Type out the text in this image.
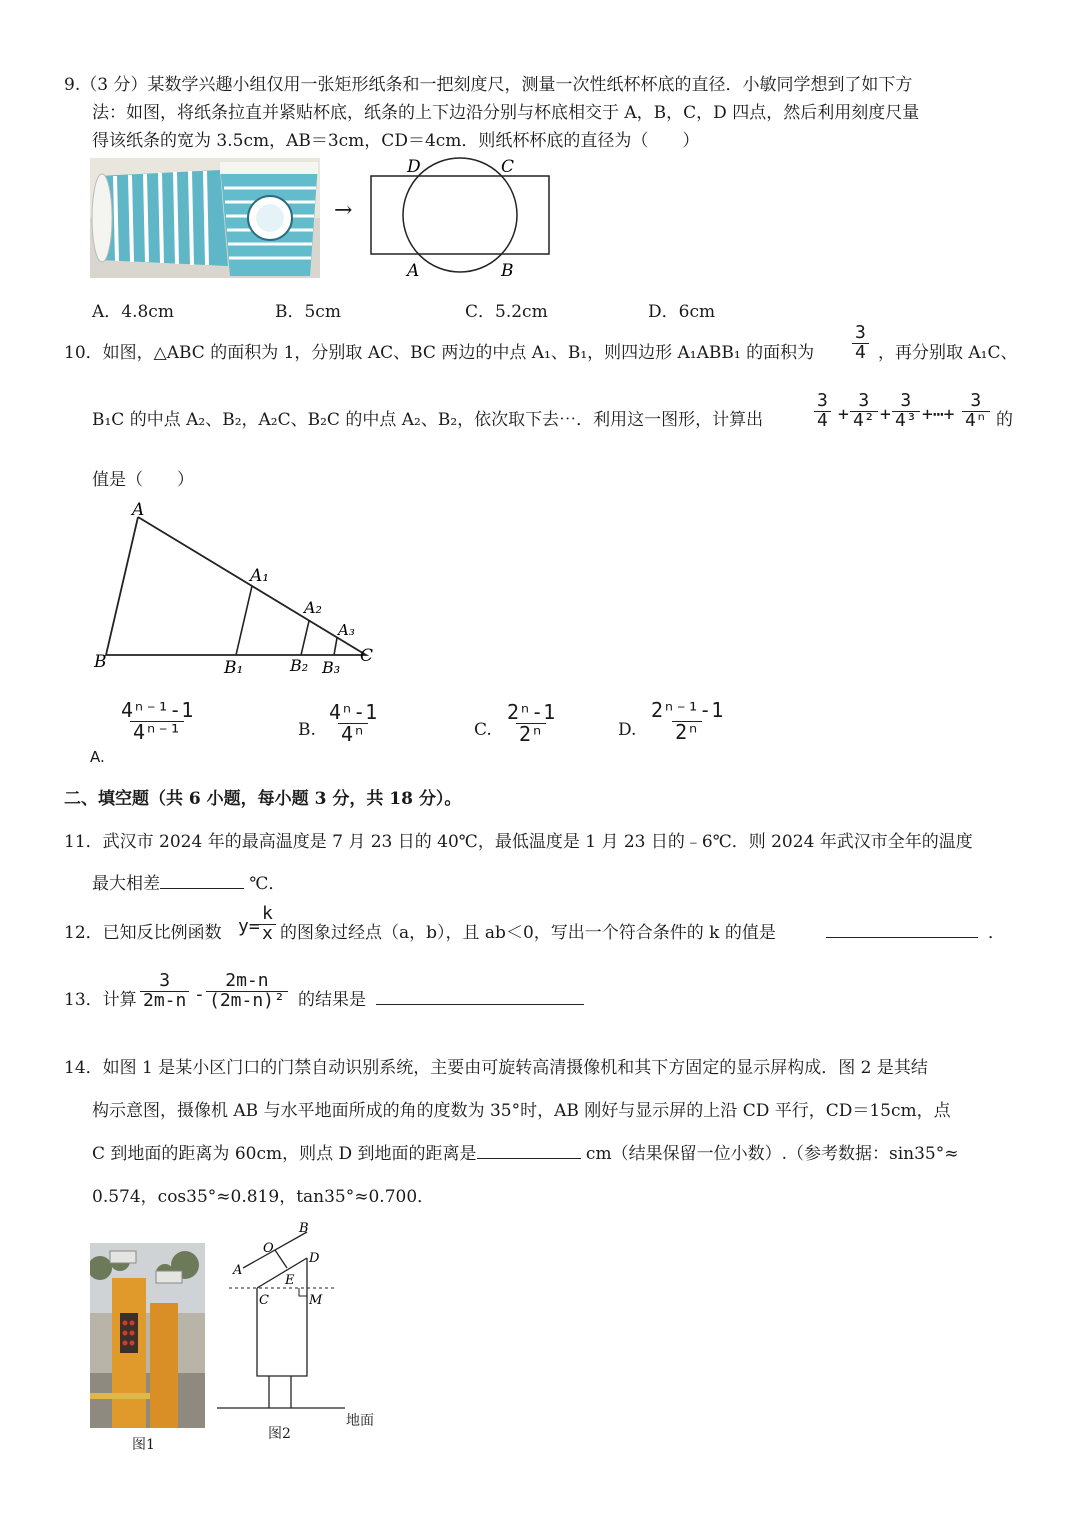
9.（3 分）某数学兴趣小组仅用一张矩形纸条和一把刻度尺，测量一次性纸杯杯底的直径．小敏同学想到了如下方
法：如图，将纸条拉直并紧贴杯底，纸条的上下边沿分别与杯底相交于 A，B，C，D 四点，然后利用刻度尺量
得该纸条的宽为 3.5cm，AB＝3cm，CD＝4cm．则纸杯杯底的直径为（　　）
→
D	C
A	B
A．4.8cm	B．5cm	C．5.2cm	D．6cm
10．如图，△ABC 的面积为 1，分别取 AC、BC 两边的中点 A₁、B₁，则四边形 A₁ABB₁ 的面积为 $\frac{3}{4}$ ，再分别取 A₁C、
B₁C 的中点 A₂、B₂，A₂C、B₂C 的中点 A₂、B₂，依次取下去⋯．利用这一图形，计算出	$\frac{3}{4} + \frac{3}{\text{4²}} + \frac{3}{\text{4³}}$ +⋯+ $\frac{3}{\text{4ⁿ}}$ 的
值是（　　）
A
A₁
A₂
A₃
B	B₁	B₂ B₃
C
A.
$\frac{\text{4ⁿ⁻¹-1}}{\text{4ⁿ⁻¹}}$	B. $\frac{\text{4ⁿ-1}}{\text{4ⁿ}}$	C. $\frac{\text{2ⁿ-1}}{\text{2ⁿ}}$	D. $\frac{\text{2ⁿ⁻¹-1}}{\text{2ⁿ}}$
二、填空题（共 6 小题，每小题 3 分，共 18 分）。
11．武汉市 2024 年的最高温度是 7 月 23 日的 40℃，最低温度是 1 月 23 日的﹣6℃．则 2024 年武汉市全年的温度
最大相差	℃．
12．已知反比例函数 $y= \frac{k}{x}$ 的图象过经点（a，b），且 ab＜0，写出一个符合条件的 k 的值是	．
13．计算 $\frac{3}{2m-n} - \frac{2m-n}{\text{(2m-n)²}}$ 的结果是
14．如图 1 是某小区门口的门禁自动识别系统，主要由可旋转高清摄像机和其下方固定的显示屏构成．图 2 是其结
构示意图，摄像机 AB 与水平地面所成的角的度数为 35°时，AB 刚好与显示屏的上沿 CD 平行，CD＝15cm，点
C 到地面的距离为 60cm，则点 D 到地面的距离是	cm（结果保留一位小数）.（参考数据：sin35°≈
0.574，cos35°≈0.819，tan35°≈0.700．
图1
A
O
B
D
E
C	M
图2
地面
